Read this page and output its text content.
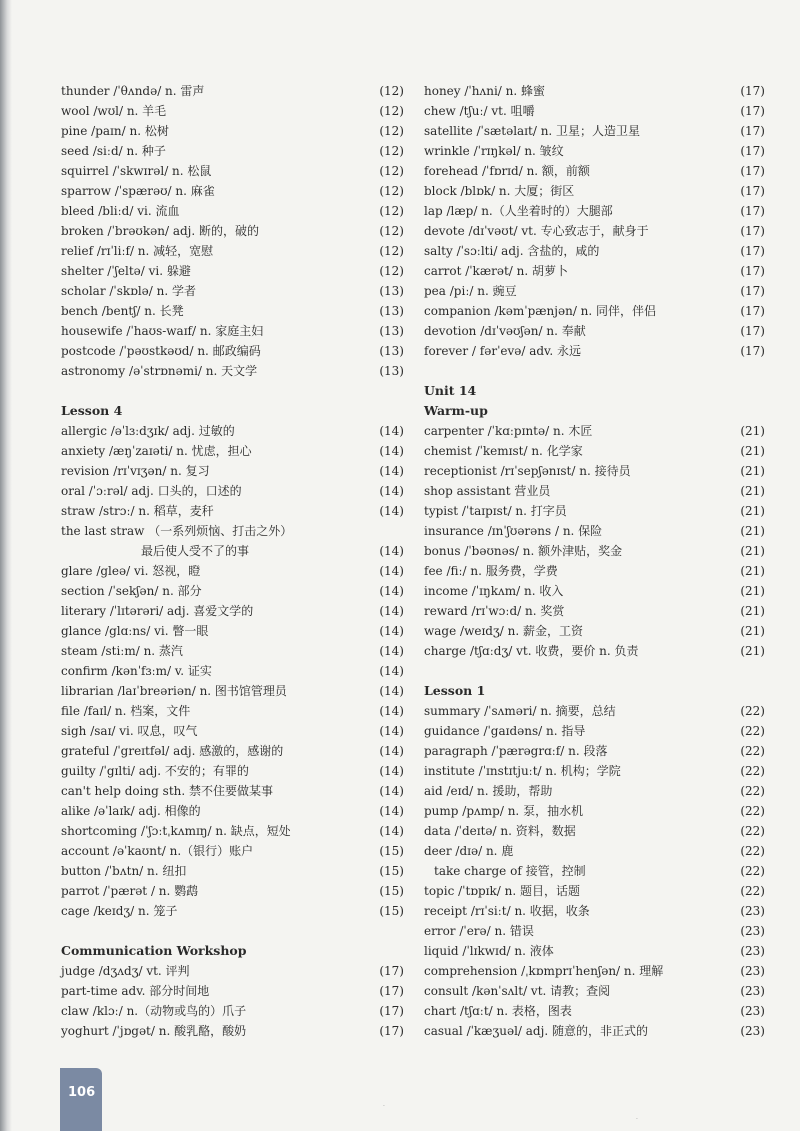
thunder /ˈθʌndə/ n. 雷声	(12)
wool /wʊl/ n. 羊毛	(12)
pine /paɪn/ n. 松树	(12)
seed /siːd/ n. 种子	(12)
squirrel /ˈskwɪrəl/ n. 松鼠	(12)
sparrow /ˈspærəʊ/ n. 麻雀	(12)
bleed /bliːd/ vi. 流血	(12)
broken /ˈbrəʊkən/ adj. 断的，破的	(12)
relief /rɪˈliːf/ n. 减轻，宽慰	(12)
shelter /ˈʃeltə/ vi. 躲避	(12)
scholar /ˈskɒlə/ n. 学者	(13)
bench /bentʃ/ n. 长凳	(13)
housewife /ˈhaʊs-waɪf/ n. 家庭主妇	(13)
postcode /ˈpəʊstkəʊd/ n. 邮政编码	(13)
astronomy /əˈstrɒnəmi/ n. 天文学	(13)
Lesson 4
allergic /əˈlɜːdʒɪk/ adj. 过敏的	(14)
anxiety /æŋˈzaɪəti/ n. 忧虑，担心	(14)
revision /rɪˈvɪʒən/ n. 复习	(14)
oral /ˈɔːrəl/ adj. 口头的，口述的	(14)
straw /strɔː/ n. 稻草，麦秆	(14)
the last straw （一系列烦恼、打击之外）
最后使人受不了的事	(14)
glare /gleə/ vi. 怒视，瞪	(14)
section /ˈsekʃən/ n. 部分	(14)
literary /ˈlɪtərəri/ adj. 喜爱文学的	(14)
glance /glɑːns/ vi. 瞥一眼	(14)
steam /stiːm/ n. 蒸汽	(14)
confirm /kənˈfɜːm/ v. 证实	(14)
librarian /laɪˈbreəriən/ n. 图书馆管理员	(14)
file /faɪl/ n. 档案，文件	(14)
sigh /saɪ/ vi. 叹息，叹气	(14)
grateful /ˈgreɪtfəl/ adj. 感激的，感谢的	(14)
guilty /ˈgɪlti/ adj. 不安的；有罪的	(14)
can't help doing sth. 禁不住要做某事	(14)
alike /əˈlaɪk/ adj. 相像的	(14)
shortcoming /ˈʃɔːtˌkʌmɪŋ/ n. 缺点，短处	(14)
account /əˈkaʊnt/ n.（银行）账户	(15)
button /ˈbʌtn/ n. 纽扣	(15)
parrot /ˈpærət / n. 鹦鹉	(15)
cage /keɪdʒ/ n. 笼子	(15)
Communication Workshop
judge /dʒʌdʒ/ vt. 评判	(17)
part-time adv. 部分时间地	(17)
claw /klɔː/ n.（动物或鸟的）爪子	(17)
yoghurt /ˈjɒgət/ n. 酸乳酪，酸奶	(17)
honey /ˈhʌni/ n. 蜂蜜	(17)
chew /tʃuː/ vt. 咀嚼	(17)
satellite /ˈsætəlaɪt/ n. 卫星；人造卫星	(17)
wrinkle /ˈrɪŋkəl/ n. 皱纹	(17)
forehead /ˈfɒrɪd/ n. 额，前额	(17)
block /blɒk/ n. 大厦；街区	(17)
lap /læp/ n.（人坐着时的）大腿部	(17)
devote /dɪˈvəʊt/ vt. 专心致志于，献身于	(17)
salty /ˈsɔːlti/ adj. 含盐的，咸的	(17)
carrot /ˈkærət/ n. 胡萝卜	(17)
pea /piː/ n. 豌豆	(17)
companion /kəmˈpænjən/ n. 同伴，伴侣	(17)
devotion /dɪˈvəʊʃən/ n. 奉献	(17)
forever / fərˈevə/ adv. 永远	(17)
Unit 14
Warm-up
carpenter /ˈkɑːpɪntə/ n. 木匠	(21)
chemist /ˈkemɪst/ n. 化学家	(21)
receptionist /rɪˈsepʃənɪst/ n. 接待员	(21)
shop assistant 营业员	(21)
typist /ˈtaɪpɪst/ n. 打字员	(21)
insurance /ɪnˈʃʊərəns / n. 保险	(21)
bonus /ˈbəʊnəs/ n. 额外津贴，奖金	(21)
fee /fiː/ n. 服务费，学费	(21)
income /ˈɪŋkʌm/ n. 收入	(21)
reward /rɪˈwɔːd/ n. 奖赏	(21)
wage /weɪdʒ/ n. 薪金，工资	(21)
charge /tʃɑːdʒ/ vt. 收费，要价 n. 负责	(21)
Lesson 1
summary /ˈsʌməri/ n. 摘要，总结	(22)
guidance /ˈgaɪdəns/ n. 指导	(22)
paragraph /ˈpærəgrɑːf/ n. 段落	(22)
institute /ˈɪnstɪtjuːt/ n. 机构；学院	(22)
aid /eɪd/ n. 援助，帮助	(22)
pump /pʌmp/ n. 泵，抽水机	(22)
data /ˈdeɪtə/ n. 资料，数据	(22)
deer /dɪə/ n. 鹿	(22)
take charge of 接管，控制	(22)
topic /ˈtɒpɪk/ n. 题目，话题	(22)
receipt /rɪˈsiːt/ n. 收据，收条	(23)
error /ˈerə/ n. 错误	(23)
liquid /ˈlɪkwɪd/ n. 液体	(23)
comprehension /ˌkɒmprɪˈhenʃən/ n. 理解	(23)
consult /kənˈsʌlt/ vt. 请教；查阅	(23)
chart /tʃɑːt/ n. 表格，图表	(23)
casual /ˈkæʒuəl/ adj. 随意的，非正式的	(23)
106
·
·
